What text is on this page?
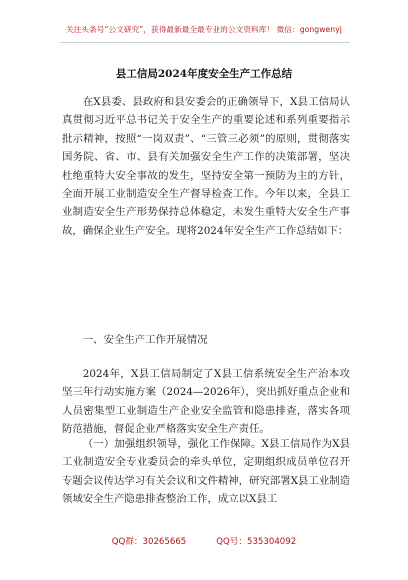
关注头条号“公文研究”，获得最新最全最专业的公文资料库！ 微信：gongwenyj
县工信局2024年度安全生产工作总结

在X县委、县政府和县安委会的正确领导下，X县工信局认真贯彻习近平总书记关于安全生产的重要论述和系列重要指示批示精神，按照“一岗双责”、“三管三必须”的原则，贯彻落实国务院、省、市、县有关加强安全生产工作的决策部署，坚决杜绝重特大安全事故的发生，坚持安全第一预防为主的方针，全面开展工业制造安全生产督导检查工作。今年以来，全县工业制造安全生产形势保持总体稳定，未发生重特大安全生产事故，确保企业生产安全。现将2024年安全生产工作总结如下：

一、安全生产工作开展情况

2024年，X县工信局制定了X县工信系统安全生产治本攻坚三年行动实施方案（2024—2026年），突出抓好重点企业和人员密集型工业制造生产企业安全监管和隐患排查，落实各项防范措施，督促企业严格落实安全生产责任。

（一）加强组织领导，强化工作保障。X县工信局作为X县工业制造安全专业委员会的牵头单位，定期组织成员单位召开专题会议传达学习有关会议和文件精神，研究部署X县工业制造领域安全生产隐患排查整治工作，成立以X县工

QQ群：30265665	QQ号：535304092
